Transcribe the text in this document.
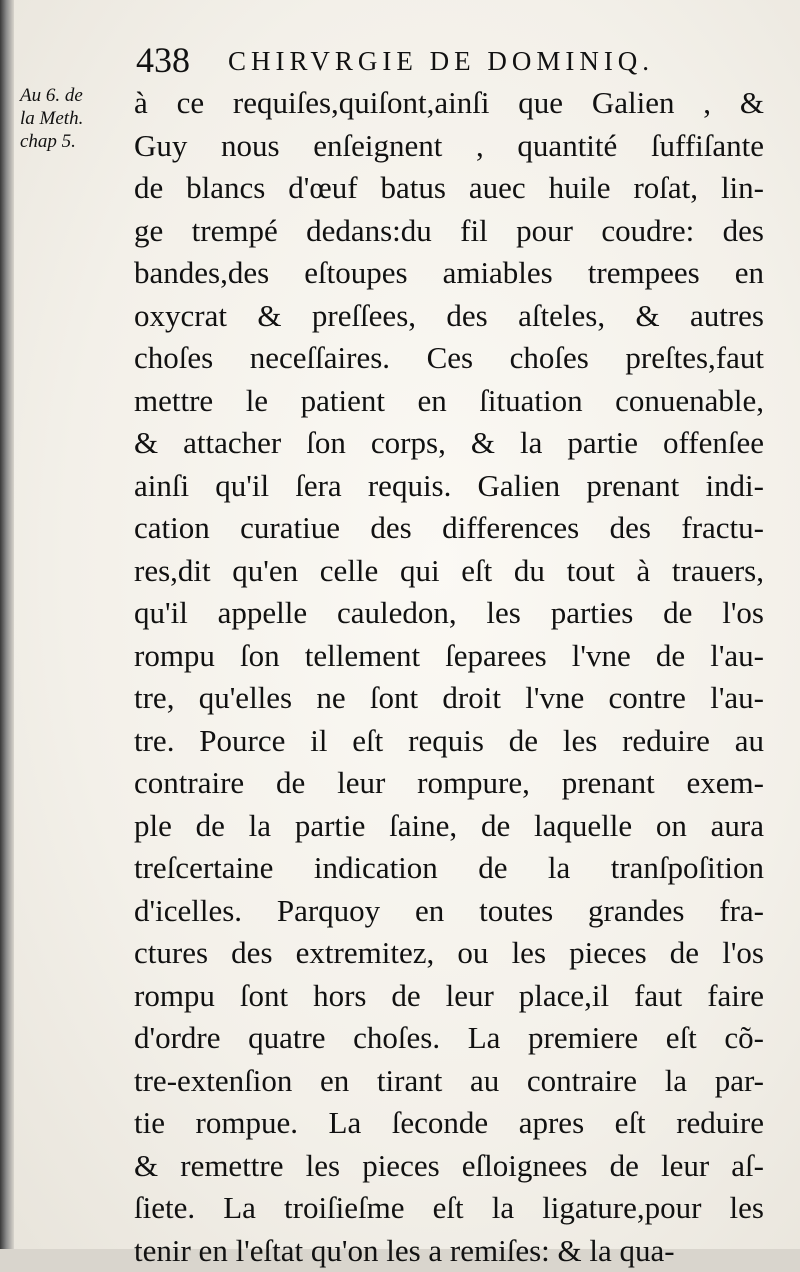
438 CHIRVRGIE DE DOMINIQ.
Au 6. de
la Meth.
chap 5.
à ce requiſes,quiſont,ainſi que Galien , &
Guy nous enſeignent , quantité ſuffiſante
de blancs d'œuf batus auec huile roſat, lin-
ge trempé dedans:du fil pour coudre: des
bandes,des eſtoupes amiables trempees en
oxycrat & preſſees, des aſteles, & autres
choſes neceſſaires. Ces choſes preſtes,faut
mettre le patient en ſituation conuenable,
& attacher ſon corps, & la partie offenſee
ainſi qu'il ſera requis. Galien prenant indi-
cation curatiue des differences des fractu-
res,dit qu'en celle qui eſt du tout à trauers,
qu'il appelle cauledon, les parties de l'os
rompu ſon tellement ſeparees l'vne de l'au-
tre, qu'elles ne ſont droit l'vne contre l'au-
tre. Pource il eſt requis de les reduire au
contraire de leur rompure, prenant exem-
ple de la partie ſaine, de laquelle on aura
treſcertaine indication de la tranſpoſition
d'icelles. Parquoy en toutes grandes fra-
ctures des extremitez, ou les pieces de l'os
rompu ſont hors de leur place,il faut faire
d'ordre quatre choſes. La premiere eſt cõ-
tre-extenſion en tirant au contraire la par-
tie rompue. La ſeconde apres eſt reduire
& remettre les pieces eſloignees de leur aſ-
ſiete. La troiſieſme eſt la ligature,pour les
tenir en l'eſtat qu'on les a remiſes: & la qua-
